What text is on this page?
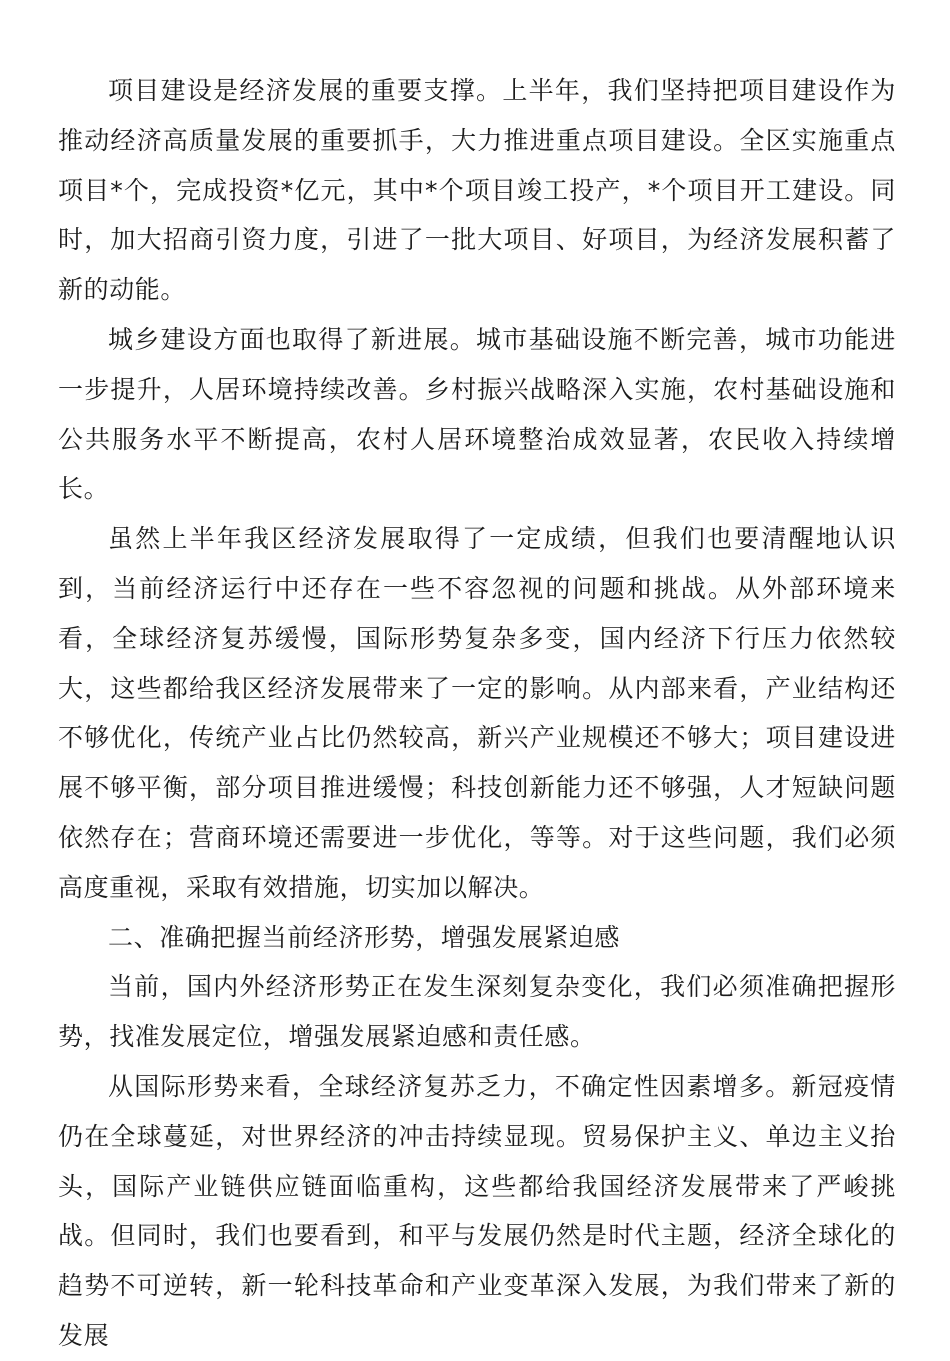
项目建设是经济发展的重要支撑。上半年，我们坚持把项目建设作为推动经济高质量发展的重要抓手，大力推进重点项目建设。全区实施重点项目*个，完成投资*亿元，其中*个项目竣工投产，*个项目开工建设。同时，加大招商引资力度，引进了一批大项目、好项目，为经济发展积蓄了新的动能。

城乡建设方面也取得了新进展。城市基础设施不断完善，城市功能进一步提升，人居环境持续改善。乡村振兴战略深入实施，农村基础设施和公共服务水平不断提高，农村人居环境整治成效显著，农民收入持续增长。

虽然上半年我区经济发展取得了一定成绩，但我们也要清醒地认识到，当前经济运行中还存在一些不容忽视的问题和挑战。从外部环境来看，全球经济复苏缓慢，国际形势复杂多变，国内经济下行压力依然较大，这些都给我区经济发展带来了一定的影响。从内部来看，产业结构还不够优化，传统产业占比仍然较高，新兴产业规模还不够大；项目建设进展不够平衡，部分项目推进缓慢；科技创新能力还不够强，人才短缺问题依然存在；营商环境还需要进一步优化，等等。对于这些问题，我们必须高度重视，采取有效措施，切实加以解决。

二、准确把握当前经济形势，增强发展紧迫感

当前，国内外经济形势正在发生深刻复杂变化，我们必须准确把握形势，找准发展定位，增强发展紧迫感和责任感。

从国际形势来看，全球经济复苏乏力，不确定性因素增多。新冠疫情仍在全球蔓延，对世界经济的冲击持续显现。贸易保护主义、单边主义抬头，国际产业链供应链面临重构，这些都给我国经济发展带来了严峻挑战。但同时，我们也要看到，和平与发展仍然是时代主题，经济全球化的趋势不可逆转，新一轮科技革命和产业变革深入发展，为我们带来了新的发展
